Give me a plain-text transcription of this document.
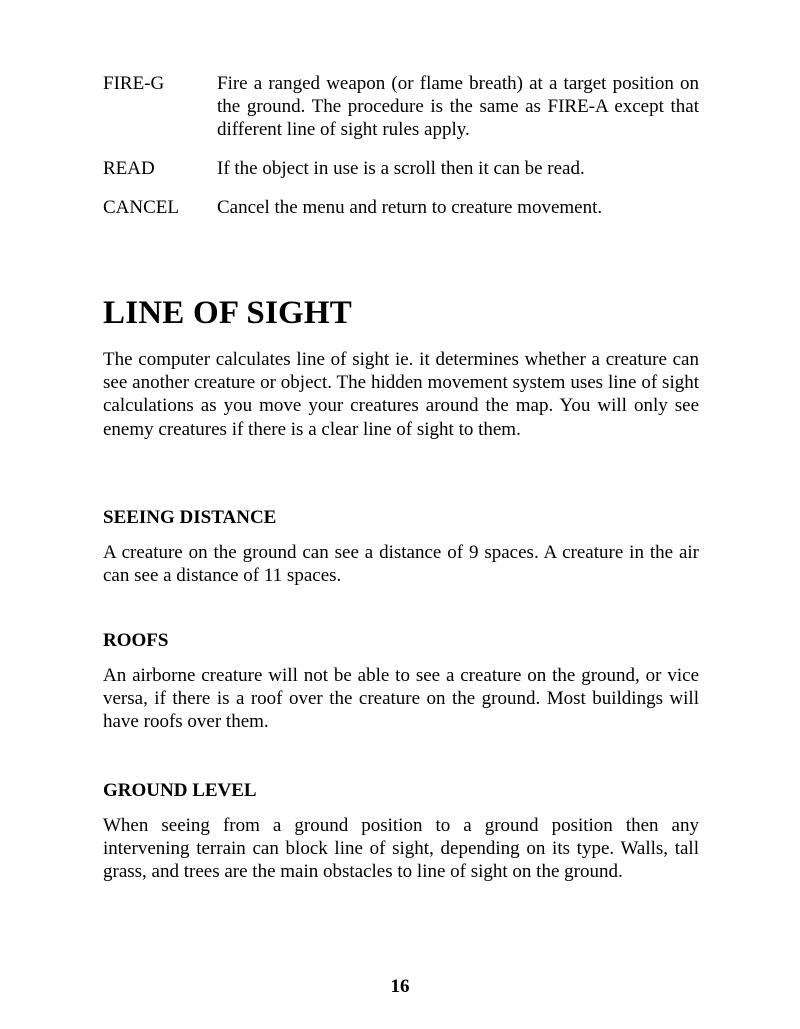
FIRE-G	Fire a ranged weapon (or flame breath) at a target position on the ground. The procedure is the same as FIRE-A except that different line of sight rules apply.
READ	If the object in use is a scroll then it can be read.
CANCEL	Cancel the menu and return to creature movement.
LINE OF SIGHT

The computer calculates line of sight ie. it determines whether a creature can see another creature or object. The hidden movement system uses line of sight calculations as you move your creatures around the map. You will only see enemy creatures if there is a clear line of sight to them.

SEEING DISTANCE

A creature on the ground can see a distance of 9 spaces. A creature in the air can see a distance of 11 spaces.

ROOFS

An airborne creature will not be able to see a creature on the ground, or vice versa, if there is a roof over the creature on the ground. Most buildings will have roofs over them.

GROUND LEVEL

When seeing from a ground position to a ground position then any intervening terrain can block line of sight, depending on its type. Walls, tall grass, and trees are the main obstacles to line of sight on the ground.

16
